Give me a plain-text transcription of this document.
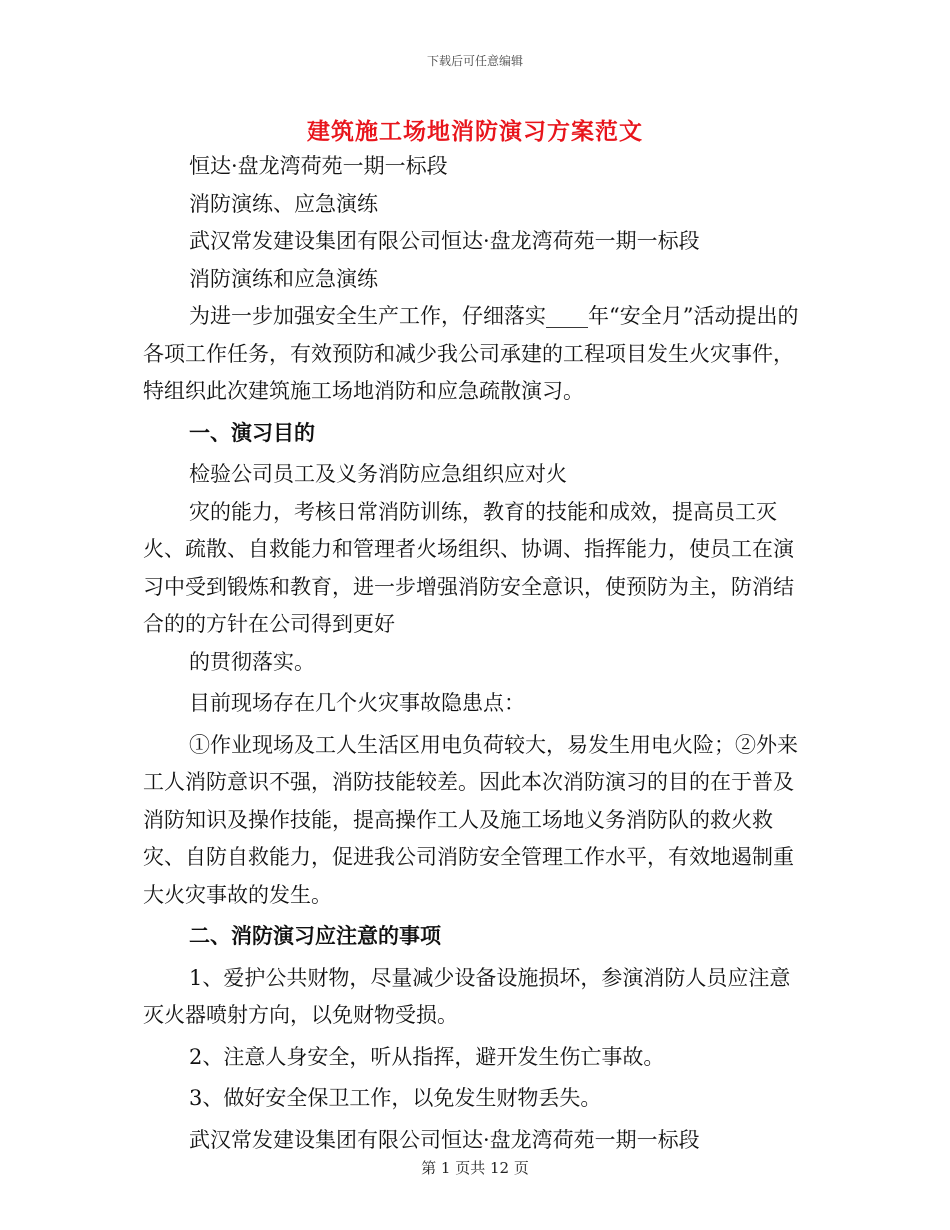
下载后可任意编辑
建筑施工场地消防演习方案范文

恒达·盘龙湾荷苑一期一标段

消防演练、应急演练

武汉常发建设集团有限公司恒达·盘龙湾荷苑一期一标段

消防演练和应急演练

为进一步加强安全生产工作，仔细落实____年“安全月”活动提出的各项工作任务，有效预防和减少我公司承建的工程项目发生火灾事件，特组织此次建筑施工场地消防和应急疏散演习。

一、演习目的

检验公司员工及义务消防应急组织应对火

灾的能力，考核日常消防训练，教育的技能和成效，提高员工灭火、疏散、自救能力和管理者火场组织、协调、指挥能力，使员工在演习中受到锻炼和教育，进一步增强消防安全意识，使预防为主，防消结合的的方针在公司得到更好

的贯彻落实。

目前现场存在几个火灾事故隐患点：

①作业现场及工人生活区用电负荷较大，易发生用电火险；②外来工人消防意识不强，消防技能较差。因此本次消防演习的目的在于普及消防知识及操作技能，提高操作工人及施工场地义务消防队的救火救灾、自防自救能力，促进我公司消防安全管理工作水平，有效地遏制重大火灾事故的发生。

二、消防演习应注意的事项

1、爱护公共财物，尽量减少设备设施损坏，参演消防人员应注意灭火器喷射方向，以免财物受损。

2、注意人身安全，听从指挥，避开发生伤亡事故。

3、做好安全保卫工作，以免发生财物丢失。

武汉常发建设集团有限公司恒达·盘龙湾荷苑一期一标段

第 1 页共 12 页
